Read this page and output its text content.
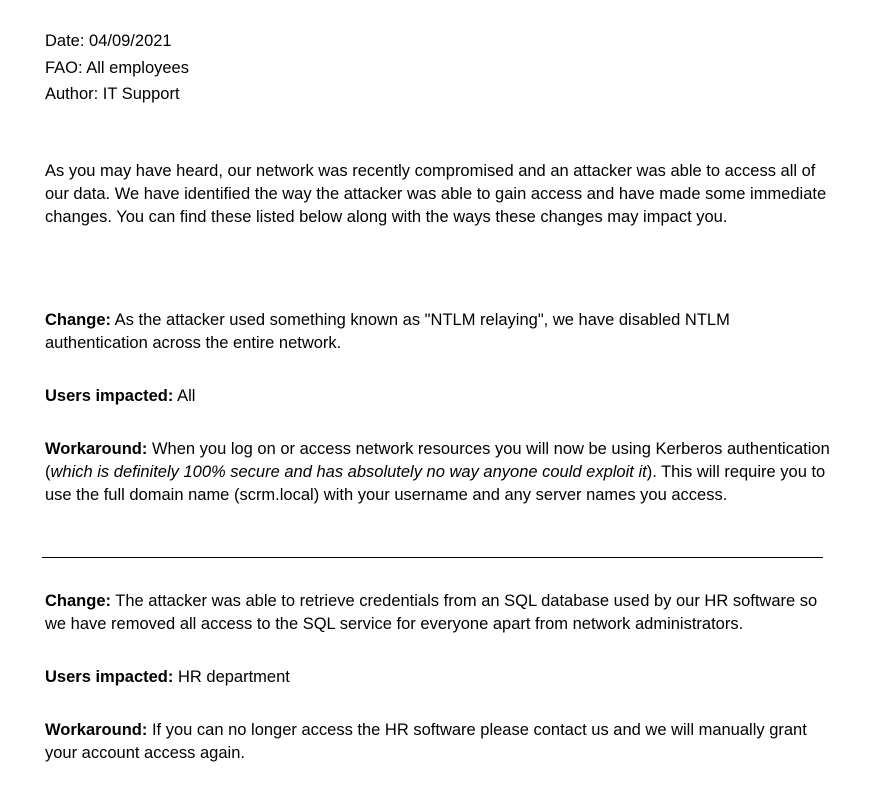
Date: 04/09/2021
FAO: All employees
Author: IT Support

As you may have heard, our network was recently compromised and an attacker was able to access all of our data. We have identified the way the attacker was able to gain access and have made some immediate changes. You can find these listed below along with the ways these changes may impact you.

Change: As the attacker used something known as "NTLM relaying", we have disabled NTLM authentication across the entire network.

Users impacted: All

Workaround: When you log on or access network resources you will now be using Kerberos authentication (which is definitely 100% secure and has absolutely no way anyone could exploit it). This will require you to use the full domain name (scrm.local) with your username and any server names you access.

Change: The attacker was able to retrieve credentials from an SQL database used by our HR software so we have removed all access to the SQL service for everyone apart from network administrators.

Users impacted: HR department

Workaround: If you can no longer access the HR software please contact us and we will manually grant your account access again.
